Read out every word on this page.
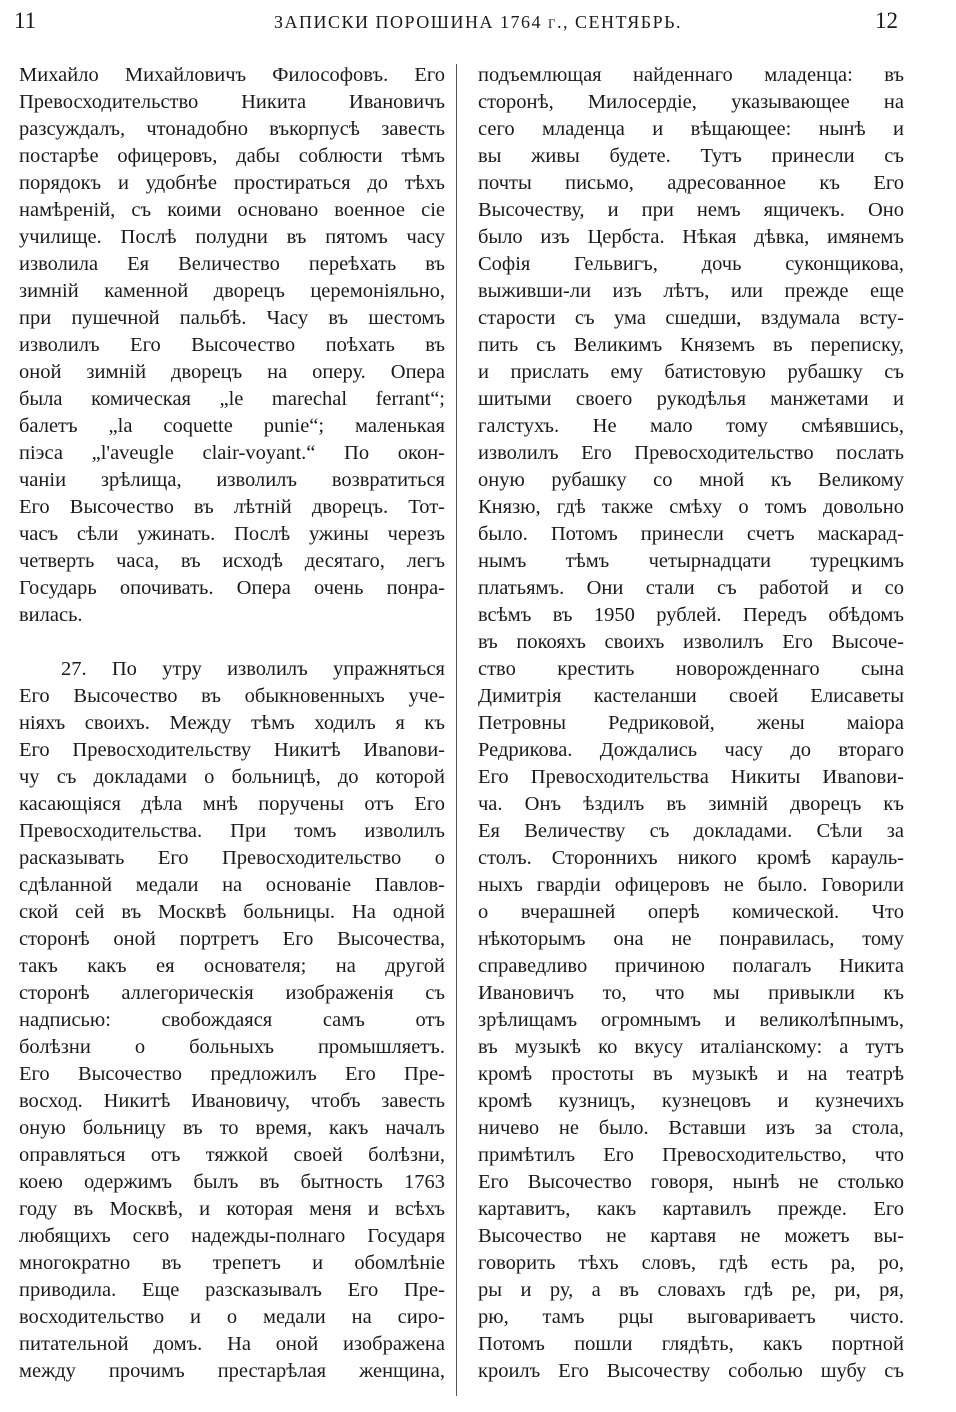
11	ЗАПИСКИ ПОРОШИНА 1764 г., СЕНТЯБРЬ.	12
Михайло Михайловичъ Философовъ. Его
Превосходительство Никита Ивановичъ
разсуждалъ, чтонадобно въкорпусѣ завесть
постарѣе офицеровъ, дабы соблюсти тѣмъ
порядокъ и удобнѣе простираться до тѣхъ
намѣренiй, съ коими основано военное сiе
училище. Послѣ полудни въ пятомъ часу
изволила Ея Величество переѣхать въ
зимнiй каменной дворецъ церемонiяльно,
при пушечной пальбѣ. Часу въ шестомъ
изволилъ Его Высочество поѣхать въ
оной зимнiй дворецъ на оперу. Опера
была комическая „le marechal ferrant“;
балетъ „la coquette punie“; маленькая
пiэса „l'aveugle clair-voyant.“ По окон-
чанiи зрѣлища, изволилъ возвратиться
Его Высочество въ лѣтнiй дворецъ. Тот-
часъ сѣли ужинать. Послѣ ужины черезъ
четверть часа, въ исходѣ десятаго, легъ
Государь опочивать. Опера очень понра-
вилась.
27. По утру изволилъ упражняться
Его Высочество въ обыкновенныхъ уче-
нiяхъ своихъ. Между тѣмъ ходилъ я къ
Его Превосходительству Никитѣ Ивanови-
чу съ докладами о больницѣ, до которой
касающiяся дѣла мнѣ поручены отъ Его
Превосходительства. При томъ изволилъ
расказывать Его Превосходительство о
сдѣланной медали на основанiе Павлов-
ской сей въ Москвѣ больницы. На одной
сторонѣ оной портретъ Его Высочества,
такъ какъ ея основателя; на другой
сторонѣ аллегорическiя изображенiя съ
надписью: свобождаяся самъ отъ
болѣзни о больныхъ промышляетъ.
Его Высочество предложилъ Его Пре-
восход. Никитѣ Ивановичу, чтобъ завесть
оную больницу въ то время, какъ началъ
оправляться отъ тяжкой своей болѣзни,
коею одержимъ былъ въ бытность 1763
году въ Москвѣ, и которая меня и всѣхъ
любящихъ сего надежды-полнаго Государя
многократно въ трепетъ и обомлѣнiе
приводила. Еще разсказывалъ Его Пре-
восходительство и о медали на сиро-
питательной домъ. На оной изображена
между прочимъ престарѣлая женщина,
подъемлющая найденнаго младенца: въ
сторонѣ, Милосердiе, указывающее на
сего младенца и вѣщающее: нынѣ и
вы живы будете. Тутъ принесли съ
почты письмо, адресованное къ Его
Высочеству, и при немъ ящичекъ. Оно
было изъ Цербста. Нѣкая дѣвка, имянемъ
Софiя Гельвигъ, дочь суконщикова,
выживши-ли изъ лѣтъ, или прежде еще
старости съ ума сшедши, вздумала всту-
пить съ Великимъ Княземъ въ переписку,
и прислать ему батистовую рубашку съ
шитыми своего рукодѣлья манжетами и
галстухъ. Не мало тому смѣявшись,
изволилъ Его Превосходительство послать
оную рубашку со мной къ Великому
Князю, гдѣ также смѣху о томъ довольно
было. Потомъ принесли счетъ маскарад-
нымъ тѣмъ четырнадцати турецкимъ
платьямъ. Они стали съ работой и со
всѣмъ въ 1950 рублей. Передъ обѣдомъ
въ покояхъ своихъ изволилъ Его Высоче-
ство крестить новорожденнаго сына
Димитрiя кастеланши своей Елисаветы
Петровны Редриковой, жены маiора
Редрикова. Дождались часу до втораго
Его Превосходительства Никиты Ивanови-
ча. Онъ ѣздилъ въ зимнiй дворецъ къ
Ея Величеству съ докладами. Сѣли за
столъ. Стороннихъ никого кромѣ карауль-
ныхъ гвардiи офицеровъ не было. Говорили
о вчерашней оперѣ комической. Что
нѣкоторымъ она не понравилась, тому
справедливо причиною полагалъ Никита
Ивановичъ то, что мы привыкли къ
зрѣлищамъ огромнымъ и великолѣпнымъ,
въ музыкѣ ко вкусу италiанскому: а тутъ
кромѣ простоты въ музыкѣ и на театрѣ
кромѣ кузницъ, кузнецовъ и кузнечихъ
ничево не было. Вставши изъ за стола,
примѣтилъ Его Превосходительство, что
Его Высочество говоря, нынѣ не столько
картавитъ, какъ картавилъ прежде. Его
Высочество не картавя не можетъ вы-
говорить тѣхъ словъ, гдѣ есть ра, ро,
ры и ру, а въ словахъ гдѣ ре, ри, ря,
рю, тамъ рцы выговариваетъ чисто.
Потомъ пошли глядѣть, какъ портной
кроилъ Его Высочеству соболью шубу съ
